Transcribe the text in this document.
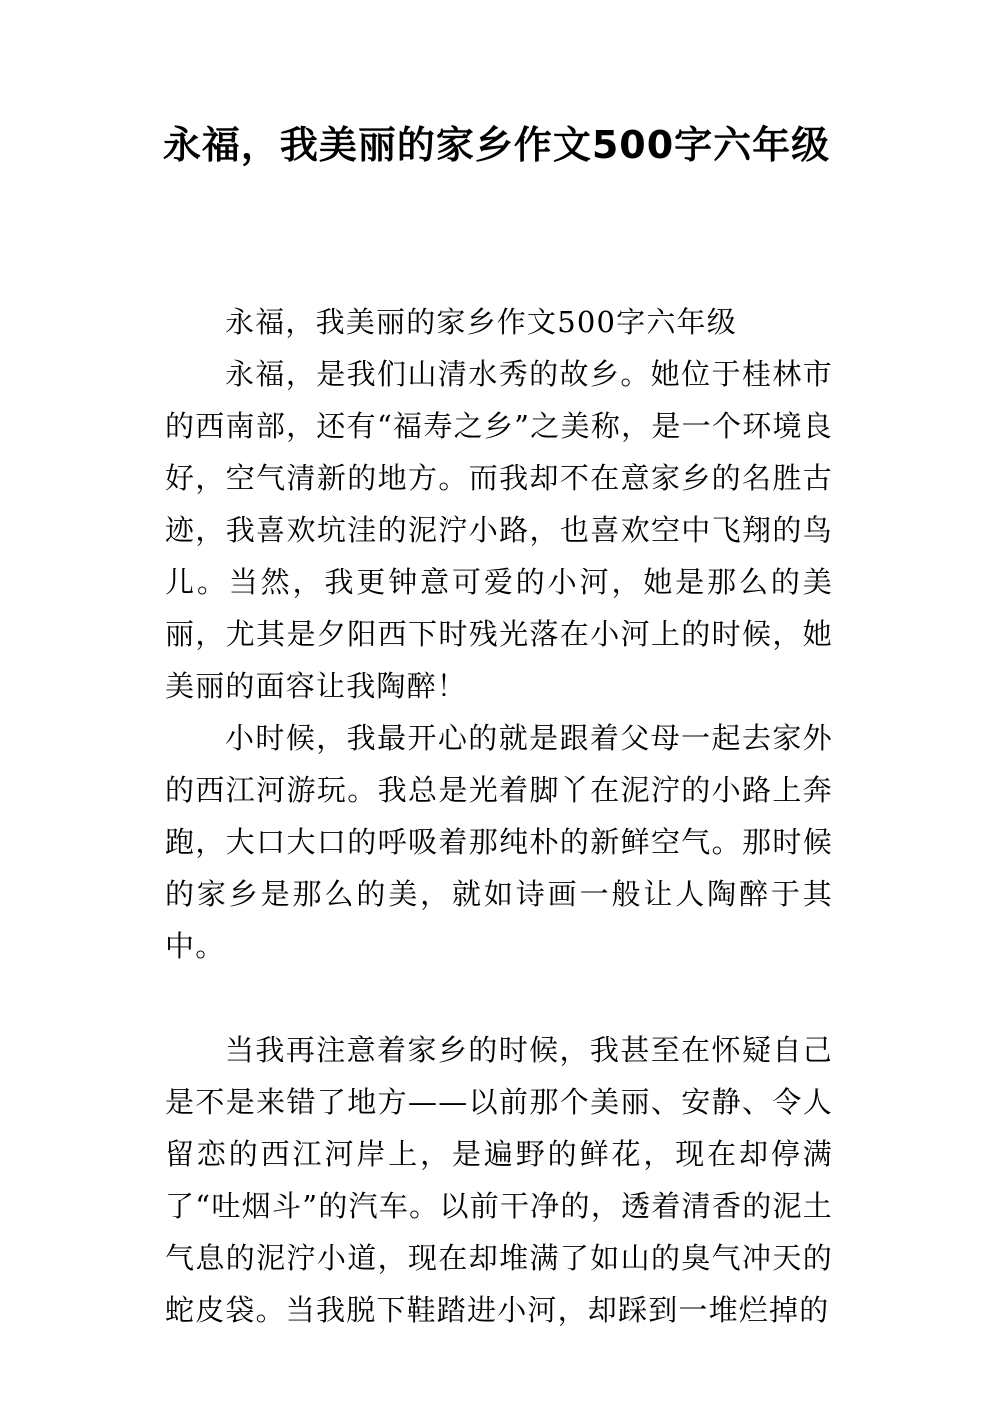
永福，我美丽的家乡作文500字六年级

永福，我美丽的家乡作文500字六年级

永福，是我们山清水秀的故乡。她位于桂林市的西南部，还有“福寿之乡”之美称，是一个环境良好，空气清新的地方。而我却不在意家乡的名胜古迹，我喜欢坑洼的泥泞小路，也喜欢空中飞翔的鸟儿。当然，我更钟意可爱的小河，她是那么的美丽，尤其是夕阳西下时残光落在小河上的时候，她美丽的面容让我陶醉！

小时候，我最开心的就是跟着父母一起去家外的西江河游玩。我总是光着脚丫在泥泞的小路上奔跑，大口大口的呼吸着那纯朴的新鲜空气。那时候的家乡是那么的美，就如诗画一般让人陶醉于其中。

当我再注意着家乡的时候，我甚至在怀疑自己是不是来错了地方——以前那个美丽、安静、令人留恋的西江河岸上，是遍野的鲜花，现在却停满了“吐烟斗”的汽车。以前干净的，透着清香的泥土气息的泥泞小道，现在却堆满了如山的臭气冲天的蛇皮袋。当我脱下鞋踏进小河，却踩到一堆烂掉的
